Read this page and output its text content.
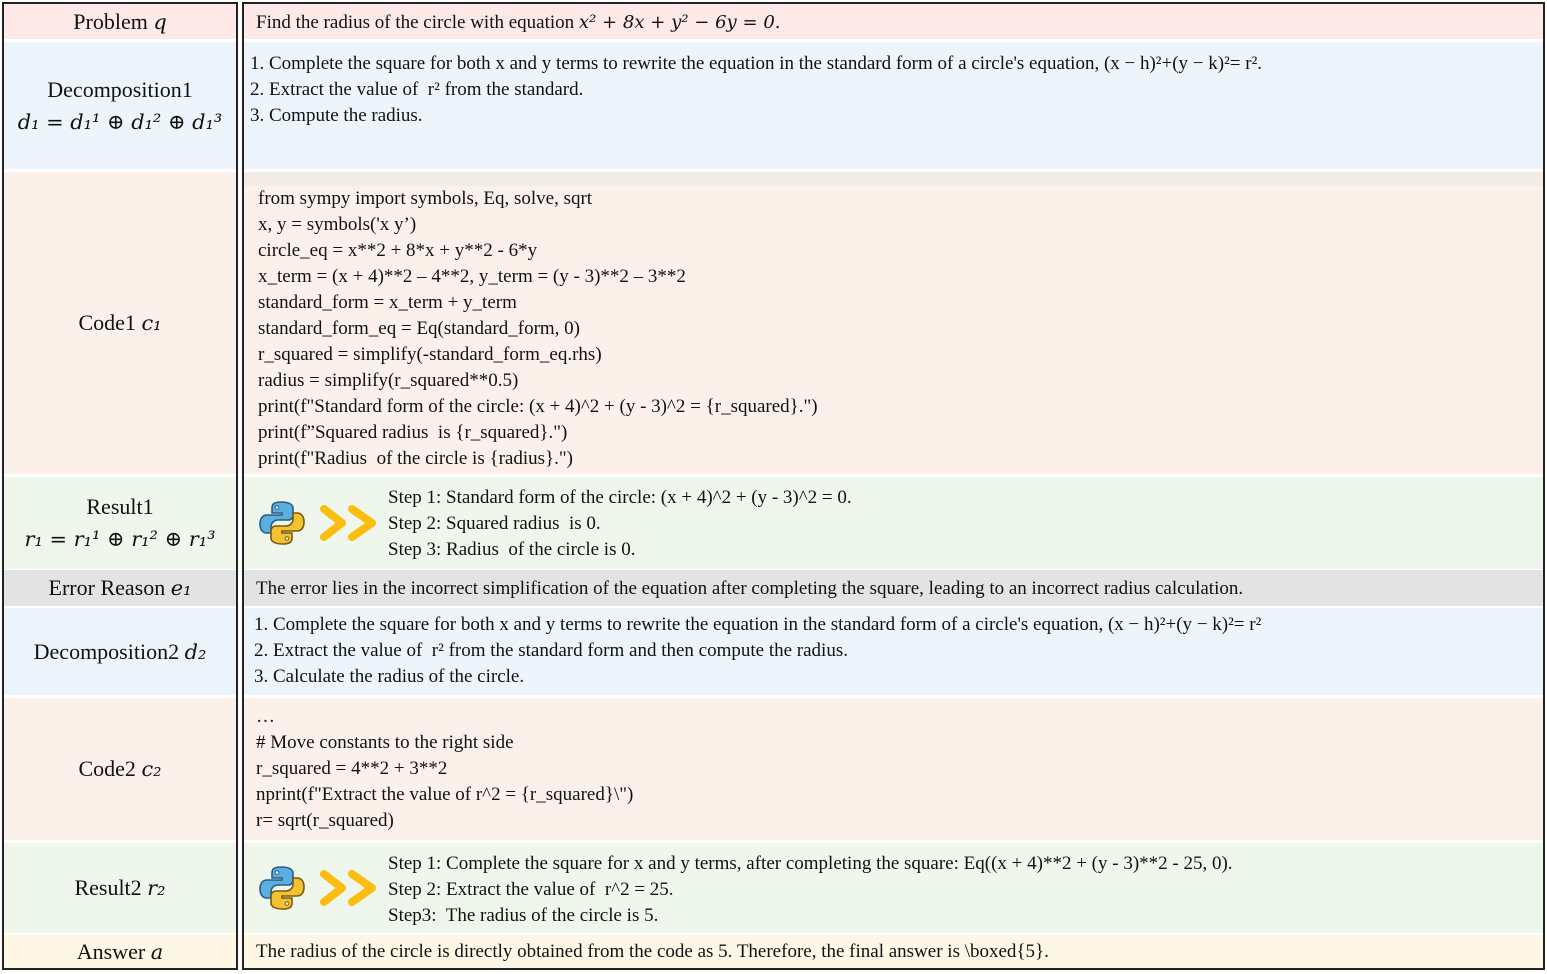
Problem q
Decomposition1
d₁ = d₁¹ ⊕ d₁² ⊕ d₁³
Code1 c₁
Result1
r₁ = r₁¹ ⊕ r₁² ⊕ r₁³
Error Reason e₁
Decomposition2 d₂
Code2 c₂
Result2 r₂
Answer a
Find the radius of the circle with equation x² + 8x + y² − 6y = 0.
1. Complete the square for both x and y terms to rewrite the equation in the standard form of a circle's equation, (x − h)²+(y − k)²= r².
2. Extract the value of  r² from the standard.
3. Compute the radius.
from sympy import symbols, Eq, solve, sqrt
x, y = symbols('x y’)
circle_eq = x**2 + 8*x + y**2 - 6*y
x_term = (x + 4)**2 – 4**2, y_term = (y - 3)**2 – 3**2
standard_form = x_term + y_term
standard_form_eq = Eq(standard_form, 0)
r_squared = simplify(-standard_form_eq.rhs)
radius = simplify(r_squared**0.5)
print(f"Standard form of the circle: (x + 4)^2 + (y - 3)^2 = {r_squared}.")
print(f”Squared radius  is {r_squared}.")
print(f"Radius  of the circle is {radius}.")
Step 1: Standard form of the circle: (x + 4)^2 + (y - 3)^2 = 0.
Step 2: Squared radius  is 0.
Step 3: Radius  of the circle is 0.
The error lies in the incorrect simplification of the equation after completing the square, leading to an incorrect radius calculation.
1. Complete the square for both x and y terms to rewrite the equation in the standard form of a circle's equation, (x − h)²+(y − k)²= r²
2. Extract the value of  r² from the standard form and then compute the radius.
3. Calculate the radius of the circle.
…
# Move constants to the right side
r_squared = 4**2 + 3**2
nprint(f"Extract the value of r^2 = {r_squared}\")
r= sqrt(r_squared)
Step 1: Complete the square for x and y terms, after completing the square: Eq((x + 4)**2 + (y - 3)**2 - 25, 0).
Step 2: Extract the value of  r^2 = 25.
Step3:  The radius of the circle is 5.
The radius of the circle is directly obtained from the code as 5. Therefore, the final answer is \boxed{5}.
